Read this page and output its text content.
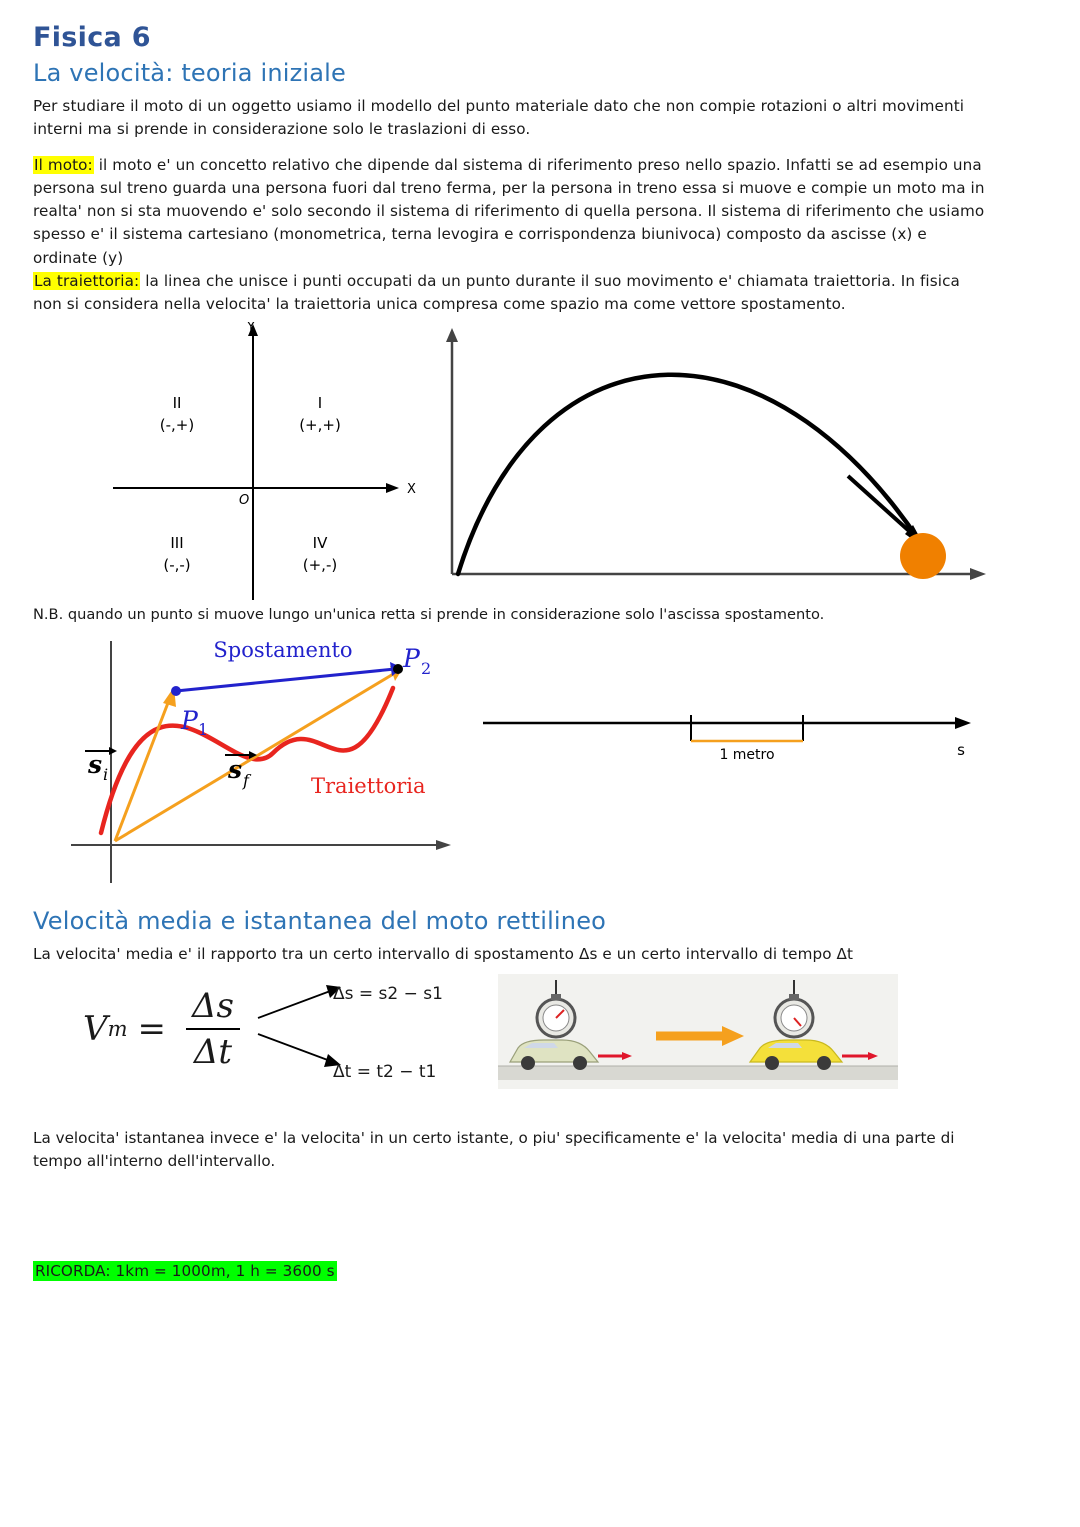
Fisica 6
La velocità: teoria iniziale

Per studiare il moto di un oggetto usiamo il modello del punto materiale dato che non compie rotazioni o altri movimenti interni ma si prende in considerazione solo le traslazioni di esso.

Il moto: il moto e' un concetto relativo che dipende dal sistema di riferimento preso nello spazio. Infatti se ad esempio una persona sul treno guarda una persona fuori dal treno ferma, per la persona in treno essa si muove e compie un moto ma in realta' non si sta muovendo e' solo secondo il sistema di riferimento di quella persona. Il sistema di riferimento che usiamo spesso e' il sistema cartesiano (monometrica, terna levogira e corrispondenza biunivoca) composto da ascisse (x) e ordinate (y)

La traiettoria: la linea che unisce i punti occupati da un punto durante il suo movimento e' chiamata traiettoria. In fisica non si considera nella velocita' la traiettoria unica compresa come spazio ma come vettore spostamento.

Y
X
O
II
(-,+)
I
(+,+)
III
(-,-)
IV
(+,-)

N.B. quando un punto si muove lungo un'unica retta si prende in considerazione solo l'ascissa spostamento.

Spostamento
P 1
P 2
s i	s f	Traiettoria
1 metro	s
Velocità media e istantanea del moto rettilineo

La velocita' media e' il rapporto tra un certo intervallo di spostamento Δs e un certo intervallo di tempo Δt

V $m = \frac{\Delta s}{\Delta t}$	Δs = s2 − s1
Δt = t2 − t1

La velocita' istantanea invece e' la velocita' in un certo istante, o piu' specificamente e' la velocita' media di una parte di tempo all'interno dell'intervallo.

RICORDA: 1km = 1000m, 1 h = 3600 s
